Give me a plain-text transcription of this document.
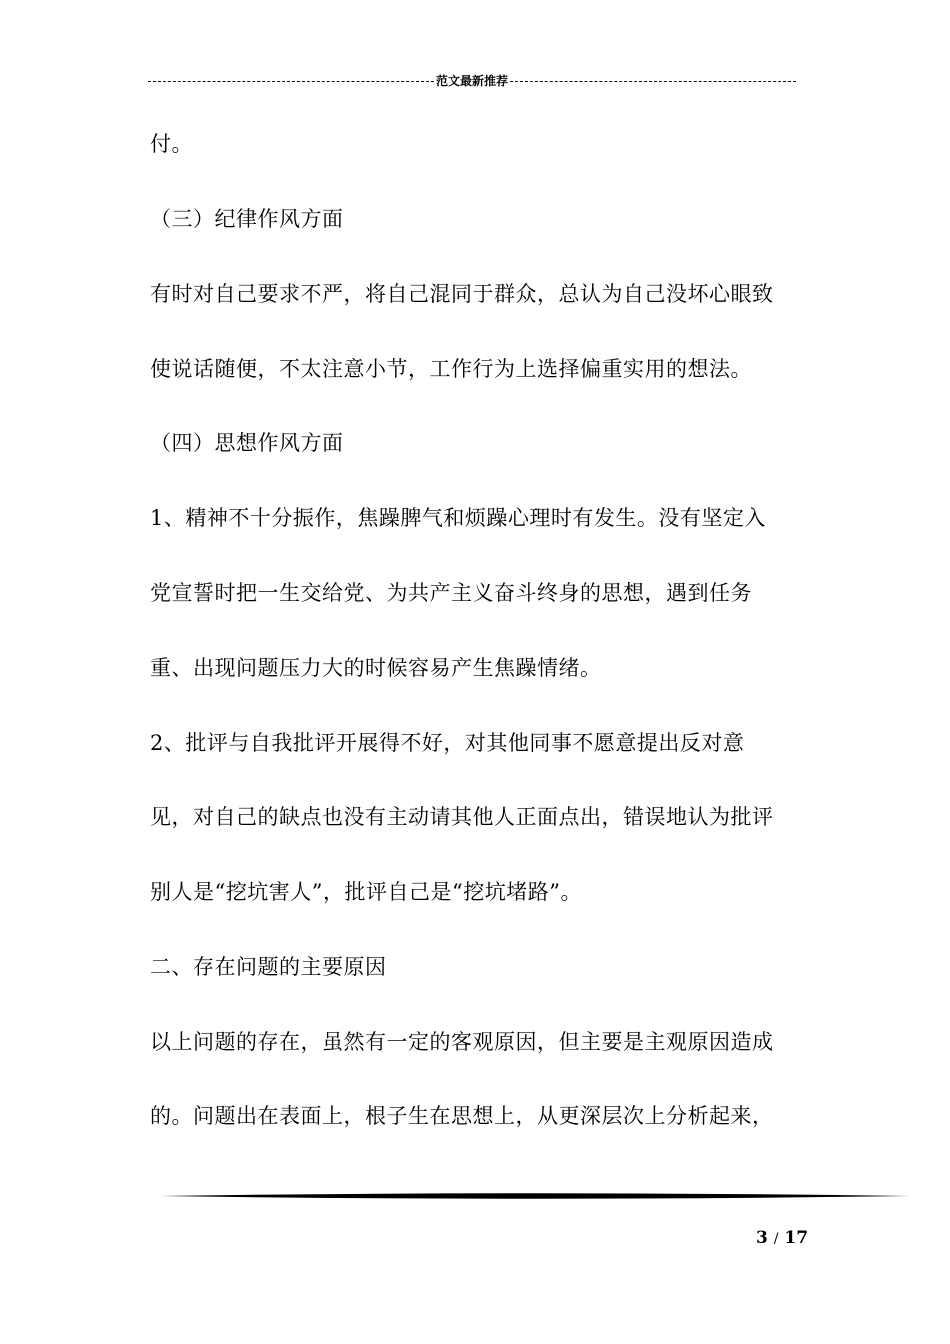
范文最新推荐
付。
（三）纪律作风方面
有时对自己要求不严，将自己混同于群众，总认为自己没坏心眼致
使说话随便，不太注意小节，工作行为上选择偏重实用的想法。
（四）思想作风方面
1、精神不十分振作，焦躁脾气和烦躁心理时有发生。没有坚定入
党宣誓时把一生交给党、为共产主义奋斗终身的思想，遇到任务
重、出现问题压力大的时候容易产生焦躁情绪。
2、批评与自我批评开展得不好，对其他同事不愿意提出反对意
见，对自己的缺点也没有主动请其他人正面点出，错误地认为批评
别人是“挖坑害人”，批评自己是“挖坑堵路”。
二、存在问题的主要原因
以上问题的存在，虽然有一定的客观原因，但主要是主观原因造成
的。问题出在表面上，根子生在思想上，从更深层次上分析起来，
3 / 17
